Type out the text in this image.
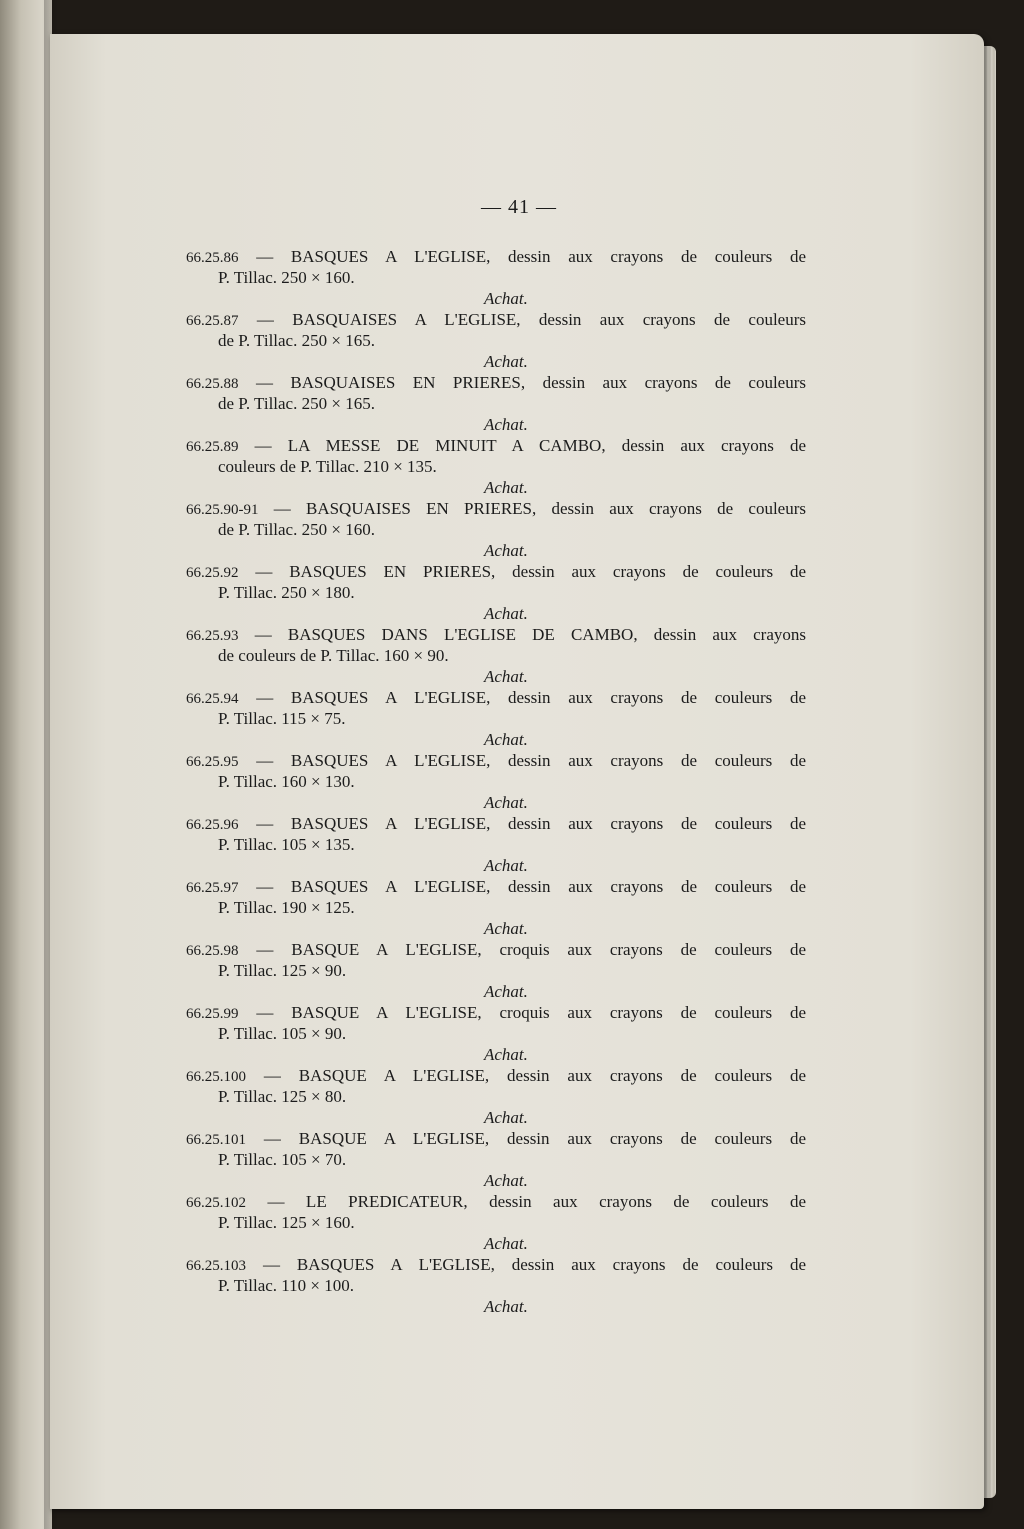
— 41 —
66.25.86 — BASQUES A L'EGLISE, dessin aux crayons de couleurs de
P. Tillac. 250 × 160.
Achat.
66.25.87 — BASQUAISES A L'EGLISE, dessin aux crayons de couleurs
de P. Tillac. 250 × 165.
Achat.
66.25.88 — BASQUAISES EN PRIERES, dessin aux crayons de couleurs
de P. Tillac. 250 × 165.
Achat.
66.25.89 — LA MESSE DE MINUIT A CAMBO, dessin aux crayons de
couleurs de P. Tillac. 210 × 135.
Achat.
66.25.90-91 — BASQUAISES EN PRIERES, dessin aux crayons de couleurs
de P. Tillac. 250 × 160.
Achat.
66.25.92 — BASQUES EN PRIERES, dessin aux crayons de couleurs de
P. Tillac. 250 × 180.
Achat.
66.25.93 — BASQUES DANS L'EGLISE DE CAMBO, dessin aux crayons
de couleurs de P. Tillac. 160 × 90.
Achat.
66.25.94 — BASQUES A L'EGLISE, dessin aux crayons de couleurs de
P. Tillac. 115 × 75.
Achat.
66.25.95 — BASQUES A L'EGLISE, dessin aux crayons de couleurs de
P. Tillac. 160 × 130.
Achat.
66.25.96 — BASQUES A L'EGLISE, dessin aux crayons de couleurs de
P. Tillac. 105 × 135.
Achat.
66.25.97 — BASQUES A L'EGLISE, dessin aux crayons de couleurs de
P. Tillac. 190 × 125.
Achat.
66.25.98 — BASQUE A L'EGLISE, croquis aux crayons de couleurs de
P. Tillac. 125 × 90.
Achat.
66.25.99 — BASQUE A L'EGLISE, croquis aux crayons de couleurs de
P. Tillac. 105 × 90.
Achat.
66.25.100 — BASQUE A L'EGLISE, dessin aux crayons de couleurs de
P. Tillac. 125 × 80.
Achat.
66.25.101 — BASQUE A L'EGLISE, dessin aux crayons de couleurs de
P. Tillac. 105 × 70.
Achat.
66.25.102 — LE PREDICATEUR, dessin aux crayons de couleurs de
P. Tillac. 125 × 160.
Achat.
66.25.103 — BASQUES A L'EGLISE, dessin aux crayons de couleurs de
P. Tillac. 110 × 100.
Achat.
